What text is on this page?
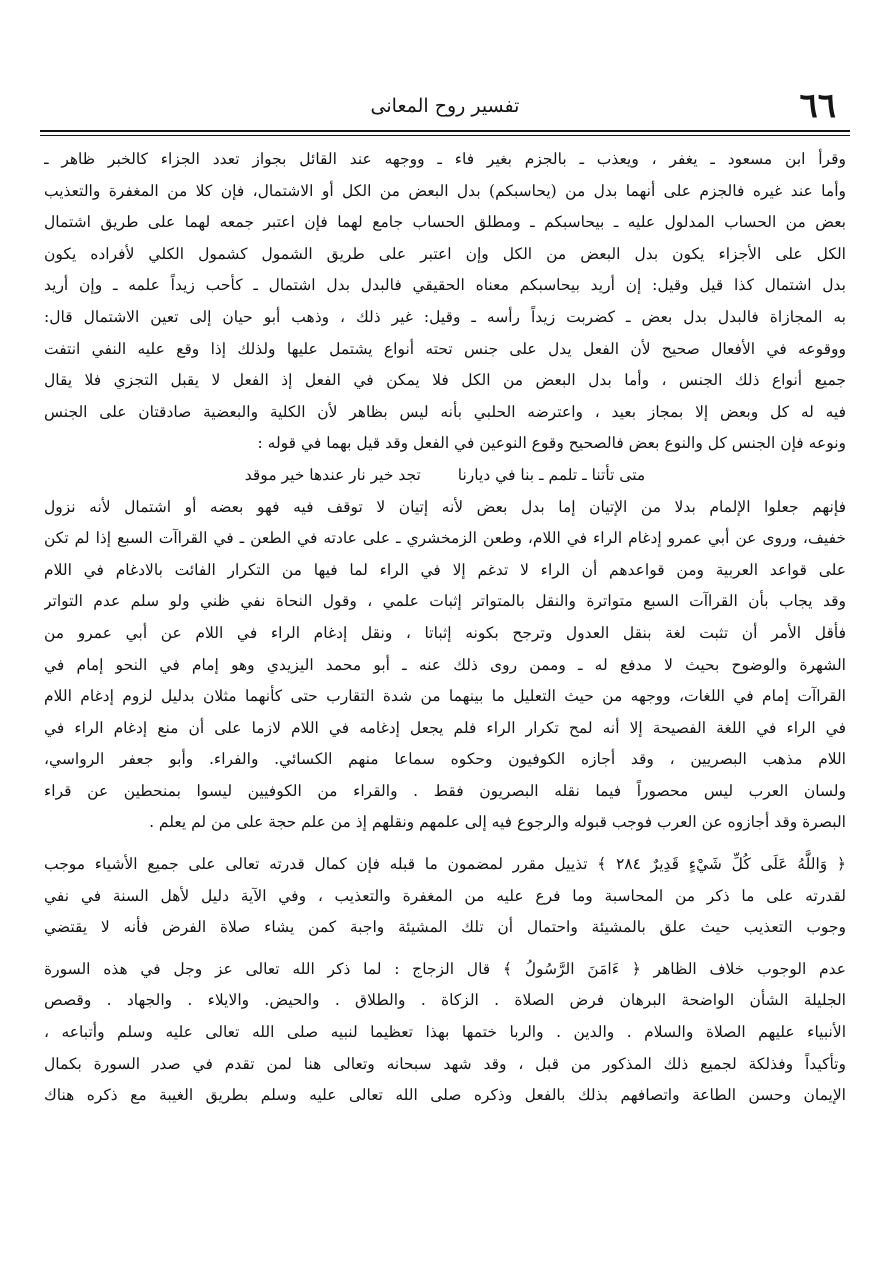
٦٦
تفسير روح المعانى
وقرأ ابن مسعود ـ يغفر ، ويعذب ـ بالجزم بغير فاء ـ ووجهه عند القائل بجواز تعدد الجزاء كالخبر ظاهر ـ
وأما عند غيره فالجزم على أنهما بدل من (يحاسبكم) بدل البعض من الكل أو الاشتمال، فإن كلا من المغفرة والتعذيب
بعض من الحساب المدلول عليه ـ بيحاسبكم ـ ومطلق الحساب جامع لهما فإن اعتبر جمعه لهما على طريق اشتمال
الكل على الأجزاء يكون بدل البعض من الكل وإن اعتبر على طريق الشمول كشمول الكلي لأفراده يكون
بدل اشتمال كذا قيل وقيل: إن أريد بيحاسبكم معناه الحقيقي فالبدل بدل اشتمال ـ كأحب زيداً علمه ـ وإن أريد
به المجازاة فالبدل بدل بعض ـ كضربت زيداً رأسه ـ وقيل: غير ذلك ، وذهب أبو حيان إلى تعين الاشتمال قال:
ووقوعه في الأفعال صحيح لأن الفعل يدل على جنس تحته أنواع يشتمل عليها ولذلك إذا وقع عليه النفي انتفت
جميع أنواع ذلك الجنس ، وأما بدل البعض من الكل فلا يمكن في الفعل إذ الفعل لا يقبل التجزي فلا يقال
فيه له كل وبعض إلا بمجاز بعيد ، واعترضه الحلبي بأنه ليس بظاهر لأن الكلية والبعضية صادقتان على الجنس
ونوعه فإن الجنس كل والنوع بعض فالصحيح وقوع النوعين في الفعل وقد قيل بهما في قوله :
متى تأتنا ـ تلمم ـ بنا في ديارنا تجد خير نار عندها خير موقد
فإنهم جعلوا الإلمام بدلا من الإتيان إما بدل بعض لأنه إتيان لا توقف فيه فهو بعضه أو اشتمال لأنه نزول
خفيف، وروى عن أبي عمرو إدغام الراء في اللام، وطعن الزمخشري ـ على عادته في الطعن ـ في القراآت السبع إذا لم تكن
على قواعد العربية ومن قواعدهم أن الراء لا تدغم إلا في الراء لما فيها من التكرار الفائت بالادغام في اللام
وقد يجاب بأن القراآت السبع متواترة والنقل بالمتواتر إثبات علمي ، وقول النحاة نفي ظني ولو سلم عدم التواتر
فأقل الأمر أن تثبت لغة بنقل العدول وترجح بكونه إثباتا ، ونقل إدغام الراء في اللام عن أبي عمرو من
الشهرة والوضوح بحيث لا مدفع له ـ وممن روى ذلك عنه ـ أبو محمد اليزيدي وهو إمام في النحو إمام في
القراآت إمام في اللغات، ووجهه من حيث التعليل ما بينهما من شدة التقارب حتى كأنهما مثلان بدليل لزوم إدغام اللام
في الراء في اللغة الفصيحة إلا أنه لمح تكرار الراء فلم يجعل إدغامه في اللام لازما على أن منع إدغام الراء في
اللام مذهب البصريين ، وقد أجازه الكوفيون وحكوه سماعا منهم الكسائي. والفراء. وأبو جعفر الرواسي،
ولسان العرب ليس محصوراً فيما نقله البصريون فقط . والقراء من الكوفيين ليسوا بمنحطين عن قراء
البصرة وقد أجازوه عن العرب فوجب قبوله والرجوع فيه إلى علمهم ونقلهم إذ من علم حجة على من لم يعلم .
﴿ وَاللَّهُ عَلَى كُلِّ شَيْءٍ قَدِيرٌ ٢٨٤ ﴾ تذييل مقرر لمضمون ما قبله فإن كمال قدرته تعالى على جميع الأشياء موجب
لقدرته على ما ذكر من المحاسبة وما فرع عليه من المغفرة والتعذيب ، وفي الآية دليل لأهل السنة في نفي
وجوب التعذيب حيث علق بالمشيئة واحتمال أن تلك المشيئة واجبة كمن يشاء صلاة الفرض فأنه لا يقتضي
عدم الوجوب خلاف الظاهر ﴿ ءَامَنَ الرَّسُولُ ﴾ قال الزجاج : لما ذكر الله تعالى عز وجل في هذه السورة
الجليلة الشأن الواضحة البرهان فرض الصلاة . الزكاة . والطلاق . والحيض. والايلاء . والجهاد . وقصص
الأنبياء عليهم الصلاة والسلام . والدين . والربا ختمها بهذا تعظيما لنبيه صلى الله تعالى عليه وسلم وأتباعه ،
وتأكيداً وفذلكة لجميع ذلك المذكور من قبل ، وقد شهد سبحانه وتعالى هنا لمن تقدم في صدر السورة بكمال
الإيمان وحسن الطاعة واتصافهم بذلك بالفعل وذكره صلى الله تعالى عليه وسلم بطريق الغيبة مع ذكره هناك
